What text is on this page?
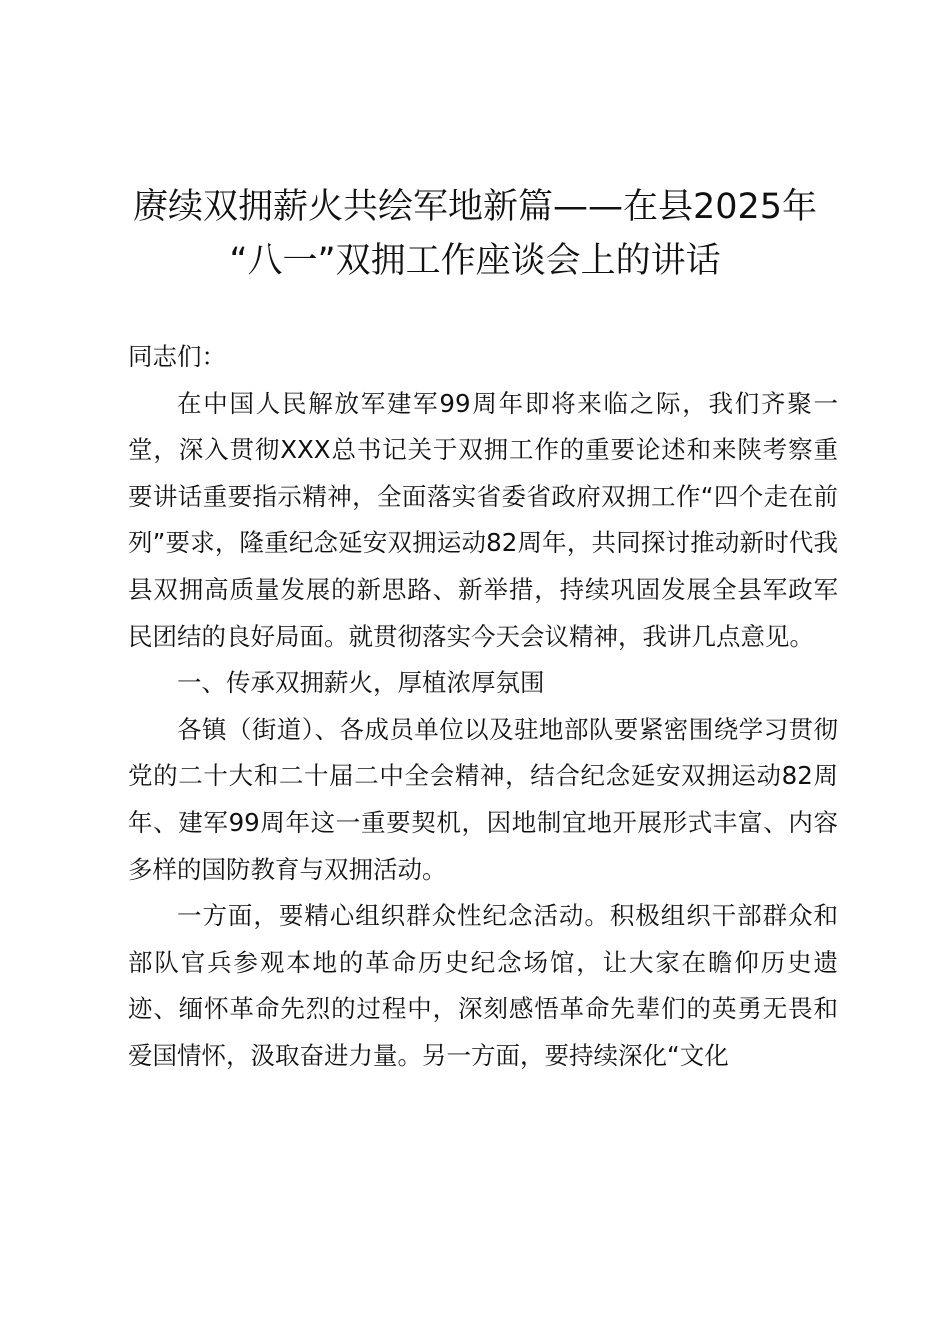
赓续双拥薪火共绘军地新篇——在县2025年
“八一”双拥工作座谈会上的讲话

同志们：

在中国人民解放军建军99周年即将来临之际，我们齐聚一堂，深入贯彻XXX总书记关于双拥工作的重要论述和来陕考察重要讲话重要指示精神，全面落实省委省政府双拥工作“四个走在前列”要求，隆重纪念延安双拥运动82周年，共同探讨推动新时代我县双拥高质量发展的新思路、新举措，持续巩固发展全县军政军民团结的良好局面。就贯彻落实今天会议精神，我讲几点意见。

一、传承双拥薪火，厚植浓厚氛围

各镇（街道）、各成员单位以及驻地部队要紧密围绕学习贯彻党的二十大和二十届二中全会精神，结合纪念延安双拥运动82周年、建军99周年这一重要契机，因地制宜地开展形式丰富、内容多样的国防教育与双拥活动。

一方面，要精心组织群众性纪念活动。积极组织干部群众和部队官兵参观本地的革命历史纪念场馆，让大家在瞻仰历史遗迹、缅怀革命先烈的过程中，深刻感悟革命先辈们的英勇无畏和爱国情怀，汲取奋进力量。另一方面，要持续深化“文化
